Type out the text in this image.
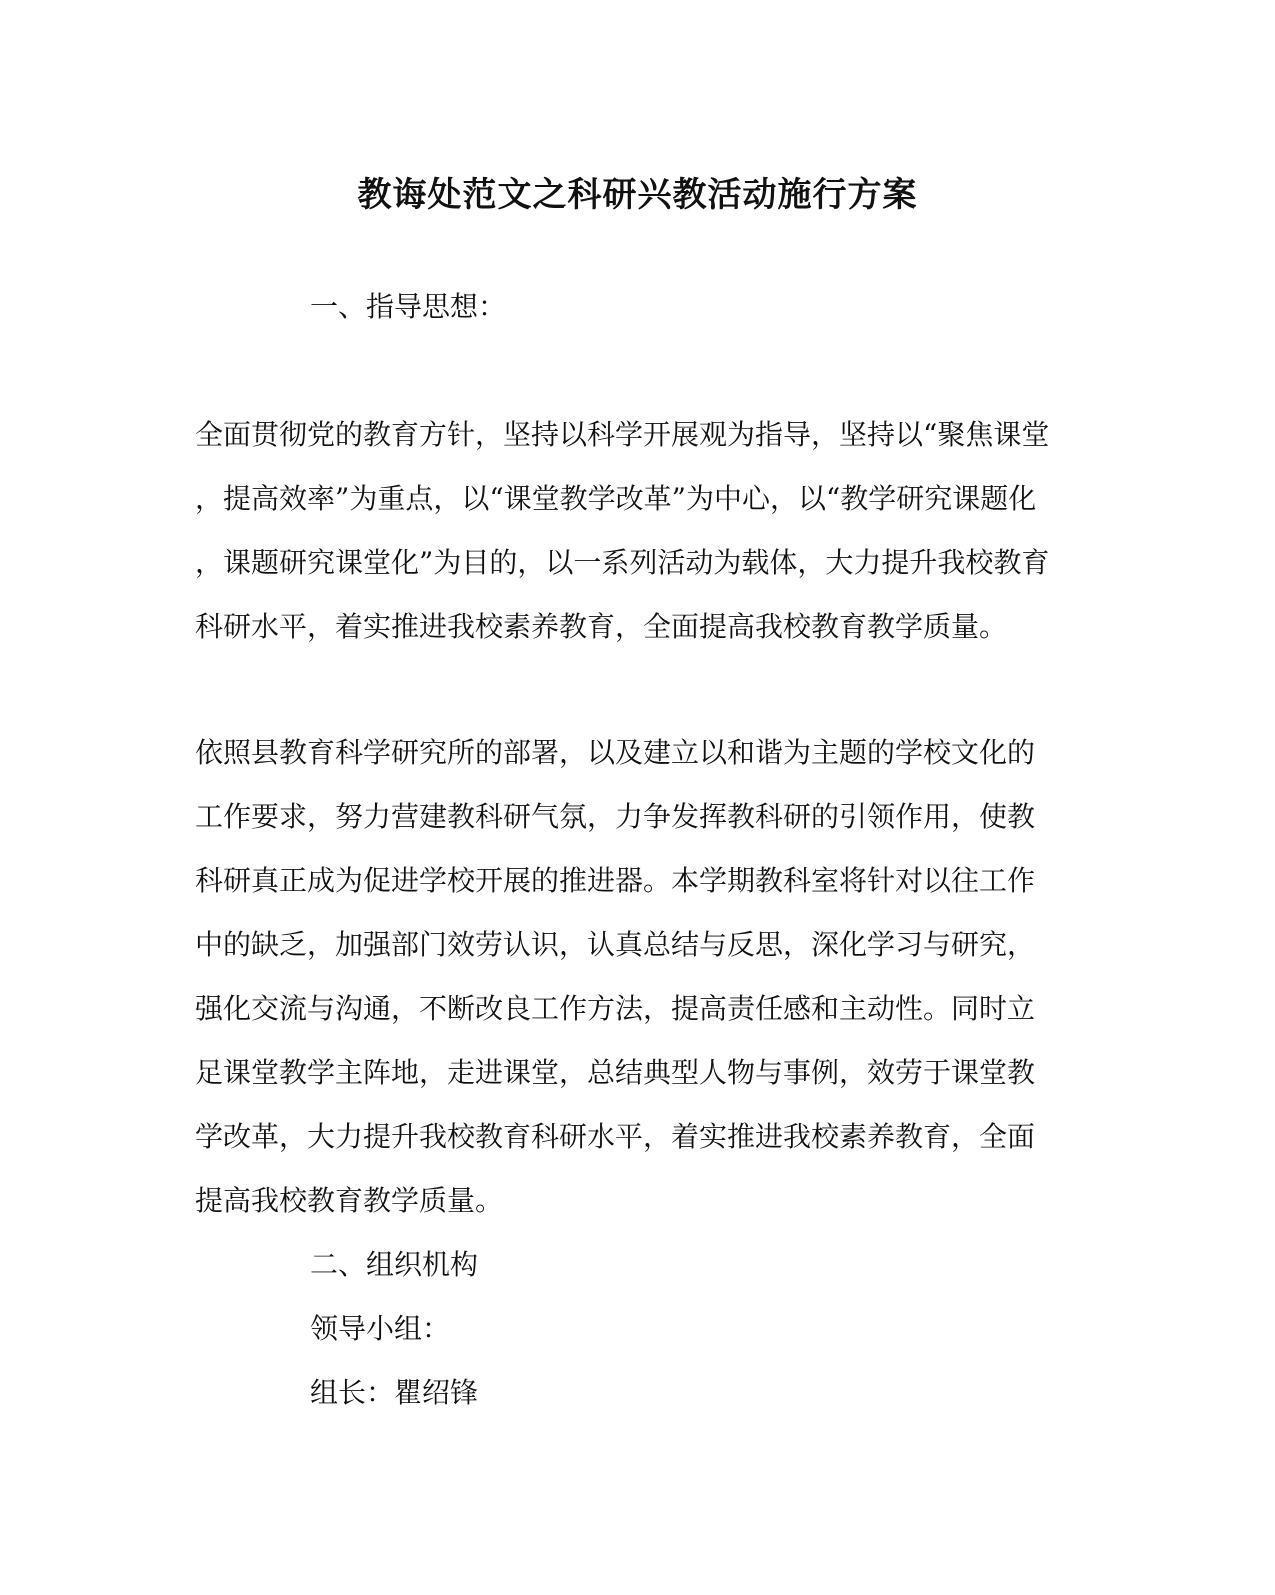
教诲处范文之科研兴教活动施行方案
一、指导思想：
全面贯彻党的教育方针，坚持以科学开展观为指导，坚持以“聚焦课堂
，提高效率”为重点，以“课堂教学改革”为中心，以“教学研究课题化
，课题研究课堂化”为目的，以一系列活动为载体，大力提升我校教育
科研水平，着实推进我校素养教育，全面提高我校教育教学质量。
依照县教育科学研究所的部署，以及建立以和谐为主题的学校文化的
工作要求，努力营建教科研气氛，力争发挥教科研的引领作用，使教
科研真正成为促进学校开展的推进器。本学期教科室将针对以往工作
中的缺乏，加强部门效劳认识，认真总结与反思，深化学习与研究，
强化交流与沟通，不断改良工作方法，提高责任感和主动性。同时立
足课堂教学主阵地，走进课堂，总结典型人物与事例，效劳于课堂教
学改革，大力提升我校教育科研水平，着实推进我校素养教育，全面
提高我校教育教学质量。
二、组织机构
领导小组：
组长：瞿绍锋
